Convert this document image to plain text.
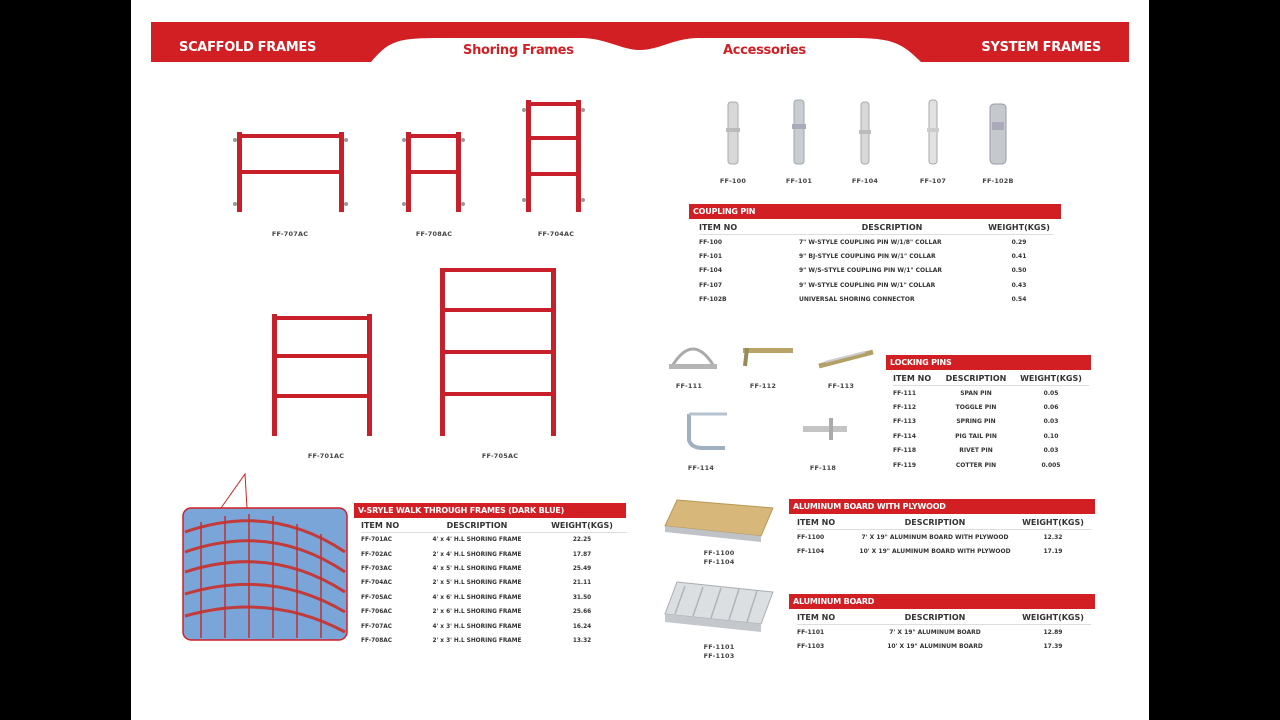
SCAFFOLD FRAMES	Shoring Frames	Accessories	SYSTEM FRAMES
FF-707AC	FF-708AC	FF-704AC
FF-701AC	FF-705AC
FF-100	FF-101	FF-104	FF-107	FF-102B
COUPLING PIN
ITEM NO	DESCRIPTION	WEIGHT(KGS)
FF-100	7" W-STYLE COUPLING PIN W/1/8" COLLAR	0.29
FF-101	9" BJ-STYLE COUPLING PIN W/1" COLLAR	0.41
FF-104	9" W/S-STYLE COUPLING PIN W/1" COLLAR	0.50
FF-107	9" W-STYLE COUPLING PIN W/1" COLLAR	0.43
FF-102B	UNIVERSAL SHORING CONNECTOR	0.54
FF-111	FF-112	FF-113
FF-114	FF-118
LOCKING PINS
ITEM NO	DESCRIPTION	WEIGHT(KGS)
FF-111	SPAN PIN	0.05
FF-112	TOGGLE PIN	0.06
FF-113	SPRING PIN	0.03
FF-114	PIG TAIL PIN	0.10
FF-118	RIVET PIN	0.03
FF-119	COTTER PIN	0.005
V-SRYLE WALK THROUGH FRAMES (DARK BLUE)
ITEM NO	DESCRIPTION	WEIGHT(KGS)
FF-701AC	4' x 4' H.L SHORING FRAME	22.25
FF-702AC	2' x 4' H.L SHORING FRAME	17.87
FF-703AC	4' x 5' H.L SHORING FRAME	25.49
FF-704AC	2' x 5' H.L SHORING FRAME	21.11
FF-705AC	4' x 6' H.L SHORING FRAME	31.50
FF-706AC	2' x 6' H.L SHORING FRAME	25.66
FF-707AC	4' x 3' H.L SHORING FRAME	16.24
FF-708AC	2' x 3' H.L SHORING FRAME	13.32
FF-1100
FF-1104
FF-1101
FF-1103
ALUMINUM BOARD WITH PLYWOOD
ITEM NO	DESCRIPTION	WEIGHT(KGS)
FF-1100	7' X 19" ALUMINUM BOARD WITH PLYWOOD	12.32
FF-1104	10' X 19" ALUMINUM BOARD WITH PLYWOOD	17.19
ALUMINUM BOARD
ITEM NO	DESCRIPTION	WEIGHT(KGS)
FF-1101	7' X 19" ALUMINUM BOARD	12.89
FF-1103	10' X 19" ALUMINUM BOARD	17.39
